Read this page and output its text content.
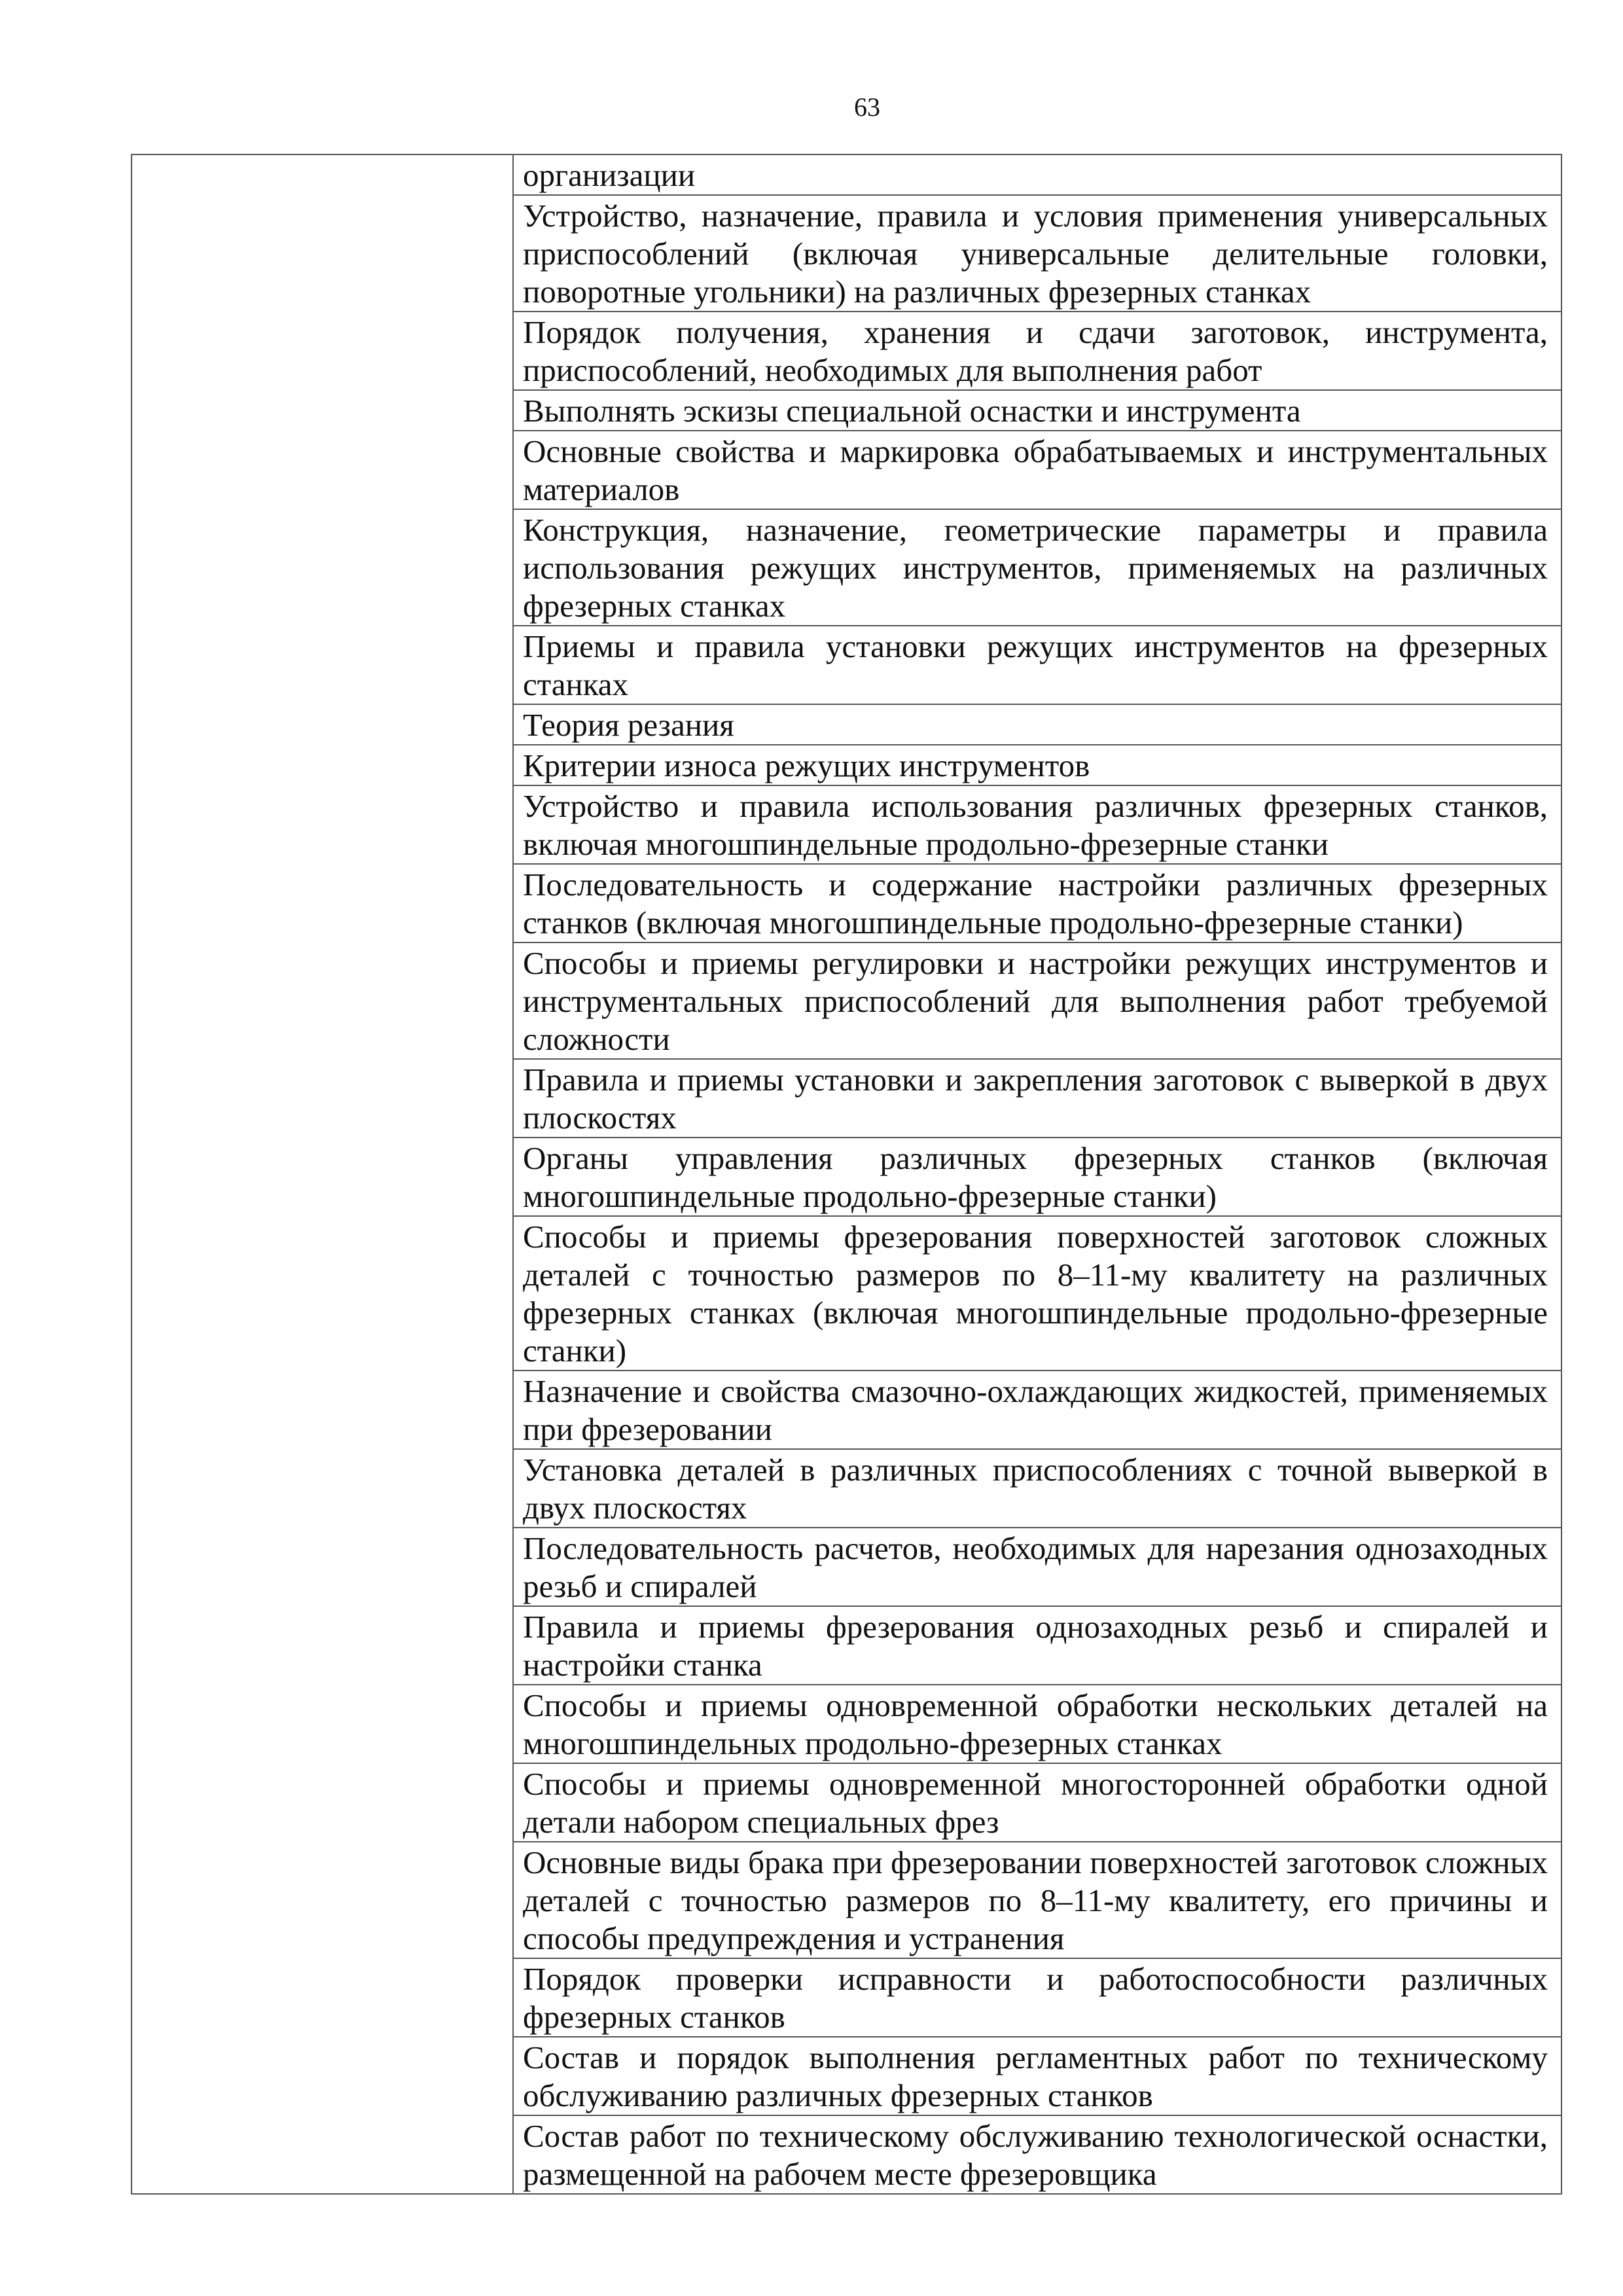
63

организации

Устройство, назначение, правила и условия применения универсальных приспособлений (включая универсальные делительные головки, поворотные угольники) на различных фрезерных станках

Порядок получения, хранения и сдачи заготовок, инструмента, приспособлений, необходимых для выполнения работ

Выполнять эскизы специальной оснастки и инструмента

Основные свойства и маркировка обрабатываемых и инструментальных материалов

Конструкция, назначение, геометрические параметры и правила использования режущих инструментов, применяемых на различных фрезерных станках

Приемы и правила установки режущих инструментов на фрезерных станках

Теория резания

Критерии износа режущих инструментов

Устройство и правила использования различных фрезерных станков, включая многошпиндельные продольно-фрезерные станки

Последовательность и содержание настройки различных фрезерных станков (включая многошпиндельные продольно-фрезерные станки)

Способы и приемы регулировки и настройки режущих инструментов и инструментальных приспособлений для выполнения работ требуемой сложности

Правила и приемы установки и закрепления заготовок с выверкой в двух плоскостях

Органы управления различных фрезерных станков (включая многошпиндельные продольно-фрезерные станки)

Способы и приемы фрезерования поверхностей заготовок сложных деталей с точностью размеров по 8–11-му квалитету на различных фрезерных станках (включая многошпиндельные продольно-фрезерные станки)

Назначение и свойства смазочно-охлаждающих жидкостей, применяемых при фрезеровании

Установка деталей в различных приспособлениях с точной выверкой в двух плоскостях

Последовательность расчетов, необходимых для нарезания однозаходных резьб и спиралей

Правила и приемы фрезерования однозаходных резьб и спиралей и настройки станка

Способы и приемы одновременной обработки нескольких деталей на многошпиндельных продольно-фрезерных станках

Способы и приемы одновременной многосторонней обработки одной детали набором специальных фрез

Основные виды брака при фрезеровании поверхностей заготовок сложных деталей с точностью размеров по 8–11-му квалитету, его причины и способы предупреждения и устранения

Порядок проверки исправности и работоспособности различных фрезерных станков

Состав и порядок выполнения регламентных работ по техническому обслуживанию различных фрезерных станков

Состав работ по техническому обслуживанию технологической оснастки, размещенной на рабочем месте фрезеровщика
